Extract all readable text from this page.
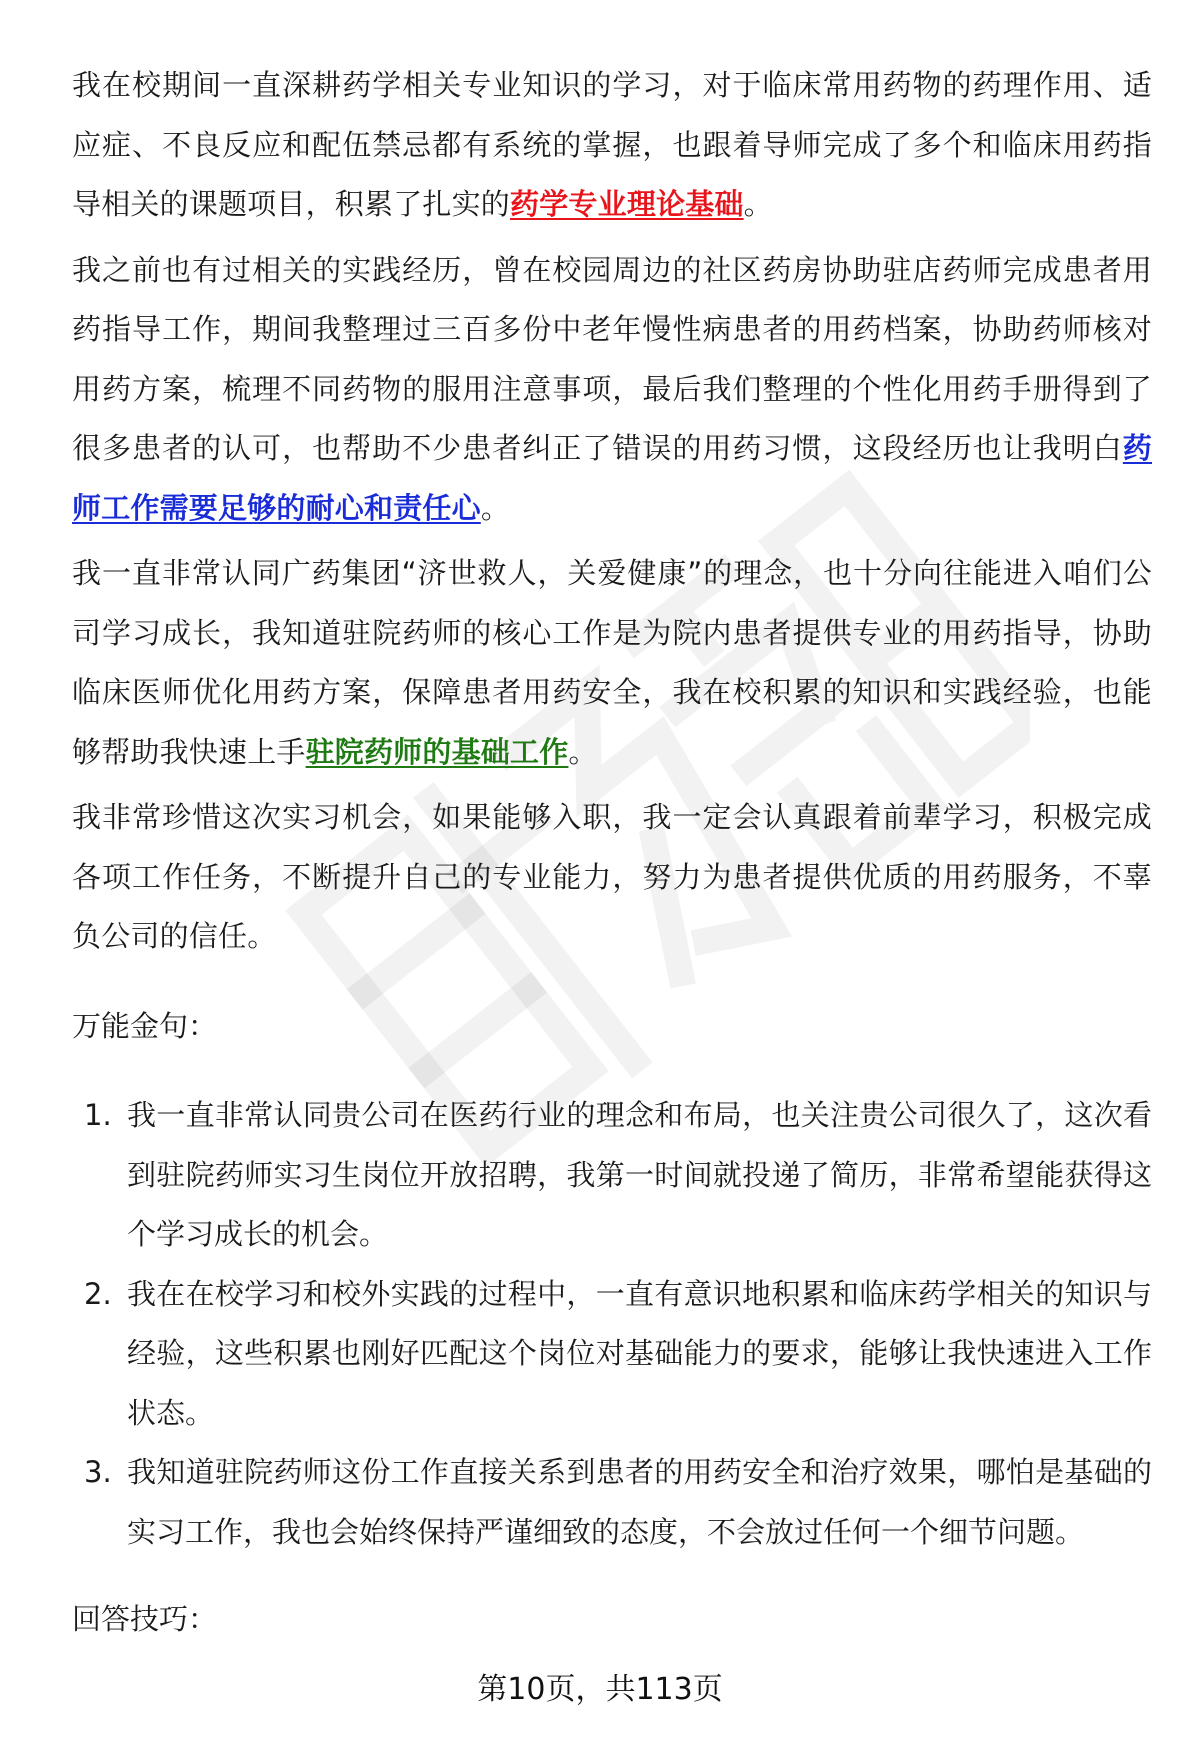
我在校期间一直深耕药学相关专业知识的学习，对于临床常用药物的药理作用、适应症、不良反应和配伍禁忌都有系统的掌握，也跟着导师完成了多个和临床用药指导相关的课题项目，积累了扎实的药学专业理论基础。

我之前也有过相关的实践经历，曾在校园周边的社区药房协助驻店药师完成患者用药指导工作，期间我整理过三百多份中老年慢性病患者的用药档案，协助药师核对用药方案，梳理不同药物的服用注意事项，最后我们整理的个性化用药手册得到了很多患者的认可，也帮助不少患者纠正了错误的用药习惯，这段经历也让我明白药师工作需要足够的耐心和责任心。

我一直非常认同广药集团“济世救人，关爱健康”的理念，也十分向往能进入咱们公司学习成长，我知道驻院药师的核心工作是为院内患者提供专业的用药指导，协助临床医师优化用药方案，保障患者用药安全，我在校积累的知识和实践经验，也能够帮助我快速上手驻院药师的基础工作。

我非常珍惜这次实习机会，如果能够入职，我一定会认真跟着前辈学习，积极完成各项工作任务，不断提升自己的专业能力，努力为患者提供优质的用药服务，不辜负公司的信任。

万能金句：
1. 我一直非常认同贵公司在医药行业的理念和布局，也关注贵公司很久了，这次看到驻院药师实习生岗位开放招聘，我第一时间就投递了简历，非常希望能获得这个学习成长的机会。
2. 我在在校学习和校外实践的过程中，一直有意识地积累和临床药学相关的知识与经验，这些积累也刚好匹配这个岗位对基础能力的要求，能够让我快速进入工作状态。
3. 我知道驻院药师这份工作直接关系到患者的用药安全和治疗效果，哪怕是基础的实习工作，我也会始终保持严谨细致的态度，不会放过任何一个细节问题。
回答技巧：
第10页，共113页
